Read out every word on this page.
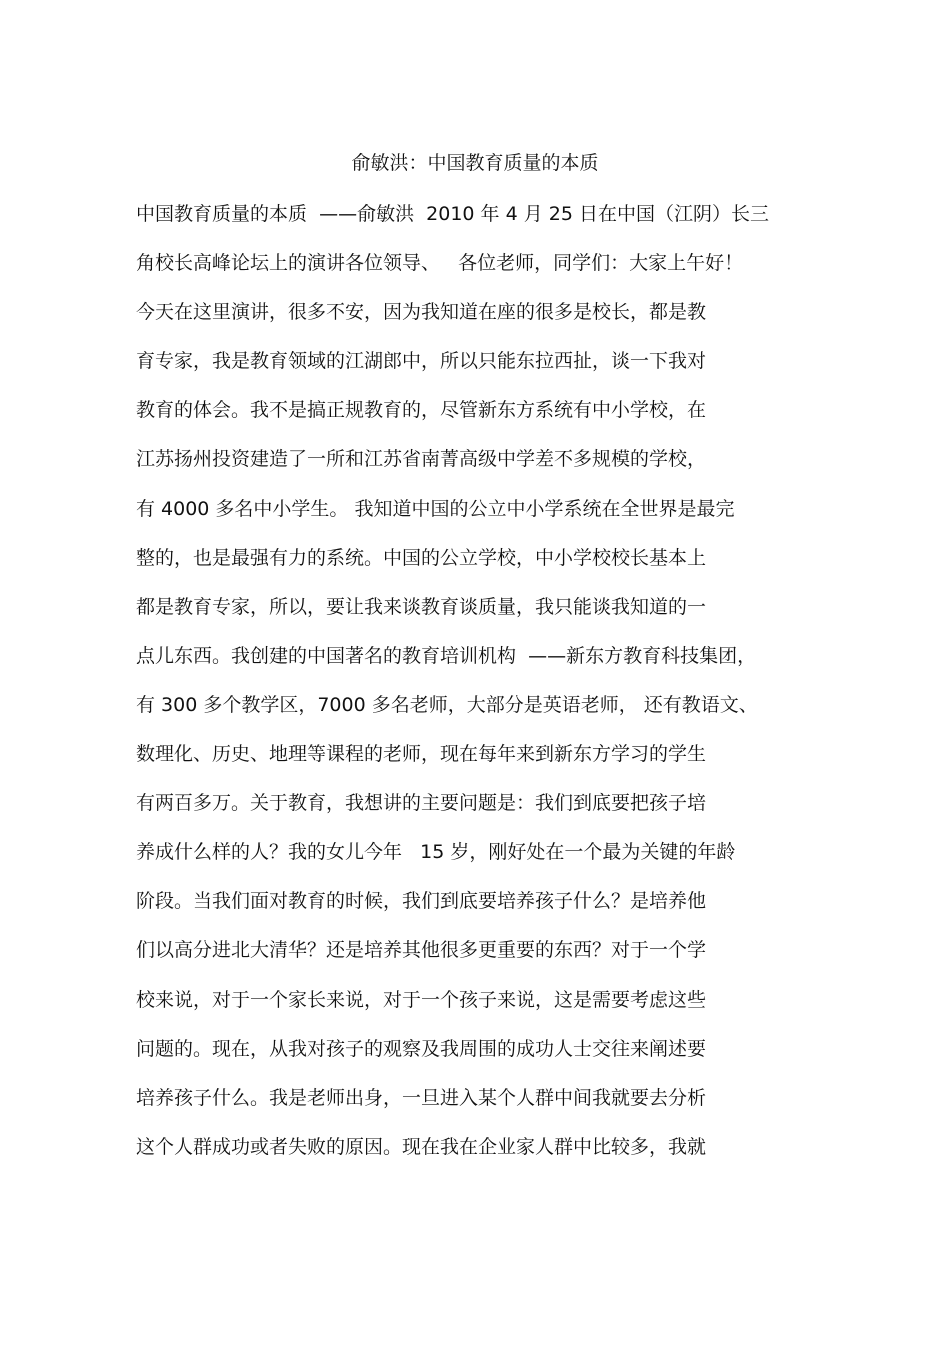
俞敏洪：中国教育质量的本质
中国教育质量的本质  ——俞敏洪  2010 年 4 月 25 日在中国（江阴）长三
角校长高峰论坛上的演讲各位领导、   各位老师，同学们：大家上午好！
今天在这里演讲，很多不安，因为我知道在座的很多是校长，都是教
育专家，我是教育领域的江湖郎中，所以只能东拉西扯，谈一下我对
教育的体会。我不是搞正规教育的，尽管新东方系统有中小学校，在
江苏扬州投资建造了一所和江苏省南菁高级中学差不多规模的学校，
有 4000 多名中小学生。 我知道中国的公立中小学系统在全世界是最完
整的，也是最强有力的系统。中国的公立学校，中小学校校长基本上
都是教育专家，所以，要让我来谈教育谈质量，我只能谈我知道的一
点儿东西。我创建的中国著名的教育培训机构  ——新东方教育科技集团，
有 300 多个教学区，7000 多名老师，大部分是英语老师， 还有教语文、
数理化、历史、地理等课程的老师，现在每年来到新东方学习的学生
有两百多万。关于教育，我想讲的主要问题是：我们到底要把孩子培
养成什么样的人？我的女儿今年   15 岁，刚好处在一个最为关键的年龄
阶段。当我们面对教育的时候，我们到底要培养孩子什么？是培养他
们以高分进北大清华？还是培养其他很多更重要的东西？对于一个学
校来说，对于一个家长来说，对于一个孩子来说，这是需要考虑这些
问题的。现在，从我对孩子的观察及我周围的成功人士交往来阐述要
培养孩子什么。我是老师出身，一旦进入某个人群中间我就要去分析
这个人群成功或者失败的原因。现在我在企业家人群中比较多，我就
